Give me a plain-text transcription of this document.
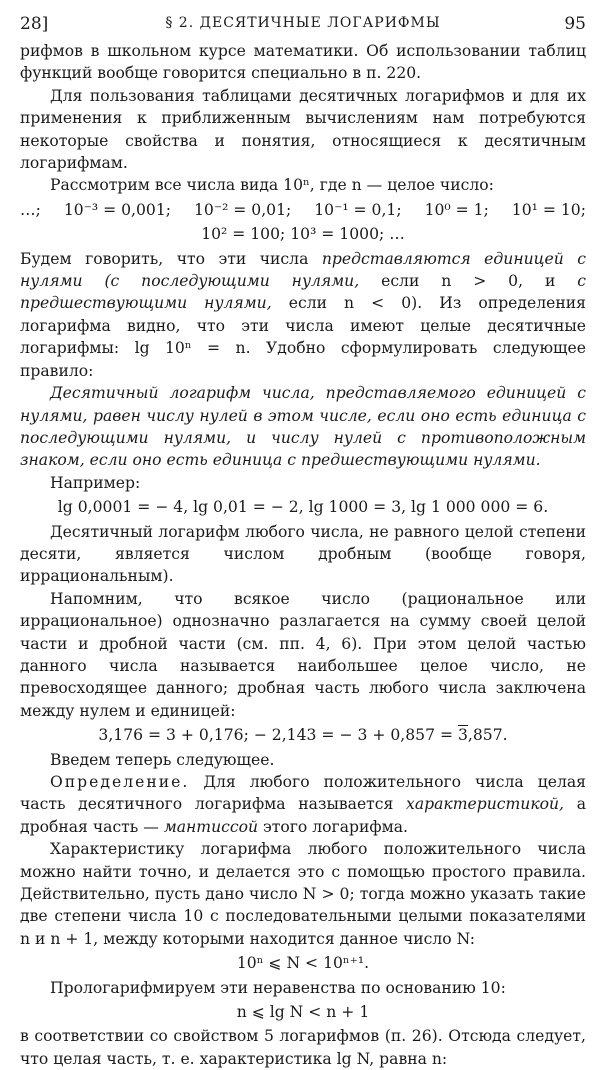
28]	§ 2. ДЕСЯТИЧНЫЕ ЛОГАРИФМЫ	95

рифмов в школьном курсе математики. Об использовании таблиц функций вообще говорится специально в п. 220.

Для пользования таблицами десятичных логарифмов и для их применения к приближенным вычислениям нам потребуются некоторые свойства и понятия, относящиеся к десятичным логарифмам.

Рассмотрим все числа вида 10ⁿ, где n — целое число:

…; 10⁻³ = 0,001; 10⁻² = 0,01; 10⁻¹ = 0,1; 10⁰ = 1; 10¹ = 10;
10² = 100; 10³ = 1000; …

Будем говорить, что эти числа представляются единицей с нулями (с последующими нулями, если n > 0, и с предшествующими нулями, если n < 0). Из определения логарифма видно, что эти числа имеют целые десятичные логарифмы: lg 10ⁿ = n. Удобно сформулировать следующее правило:

Десятичный логарифм числа, представляемого единицей с нулями, равен числу нулей в этом числе, если оно есть единица с последующими нулями, и числу нулей с противоположным знаком, если оно есть единица с предшествующими нулями.

Например:

lg 0,0001 = − 4, lg 0,01 = − 2, lg 1000 = 3, lg 1 000 000 = 6.

Десятичный логарифм любого числа, не равного целой степени десяти, является числом дробным (вообще говоря, иррациональным).

Напомним, что всякое число (рациональное или иррациональное) однозначно разлагается на сумму своей целой части и дробной части (см. пп. 4, 6). При этом целой частью данного числа называется наибольшее целое число, не превосходящее данного; дробная часть любого числа заключена между нулем и единицей:

3,176 = 3 + 0,176; − 2,143 = − 3 + 0,857 = 3,857.

Введем теперь следующее.

Определение. Для любого положительного числа целая часть десятичного логарифма называется характеристикой, а дробная часть — мантиссой этого логарифма.

Характеристику логарифма любого положительного числа можно найти точно, и делается это с помощью простого правила. Действительно, пусть дано число N > 0; тогда можно указать такие две степени числа 10 с последовательными целыми показателями n и n + 1, между которыми находится данное число N:

10ⁿ ⩽ N < 10ⁿ⁺¹.

Прологарифмируем эти неравенства по основанию 10:

n ⩽ lg N < n + 1

в соответствии со свойством 5 логарифмов (п. 26). Отсюда следует, что целая часть, т. е. характеристика lg N, равна n:
